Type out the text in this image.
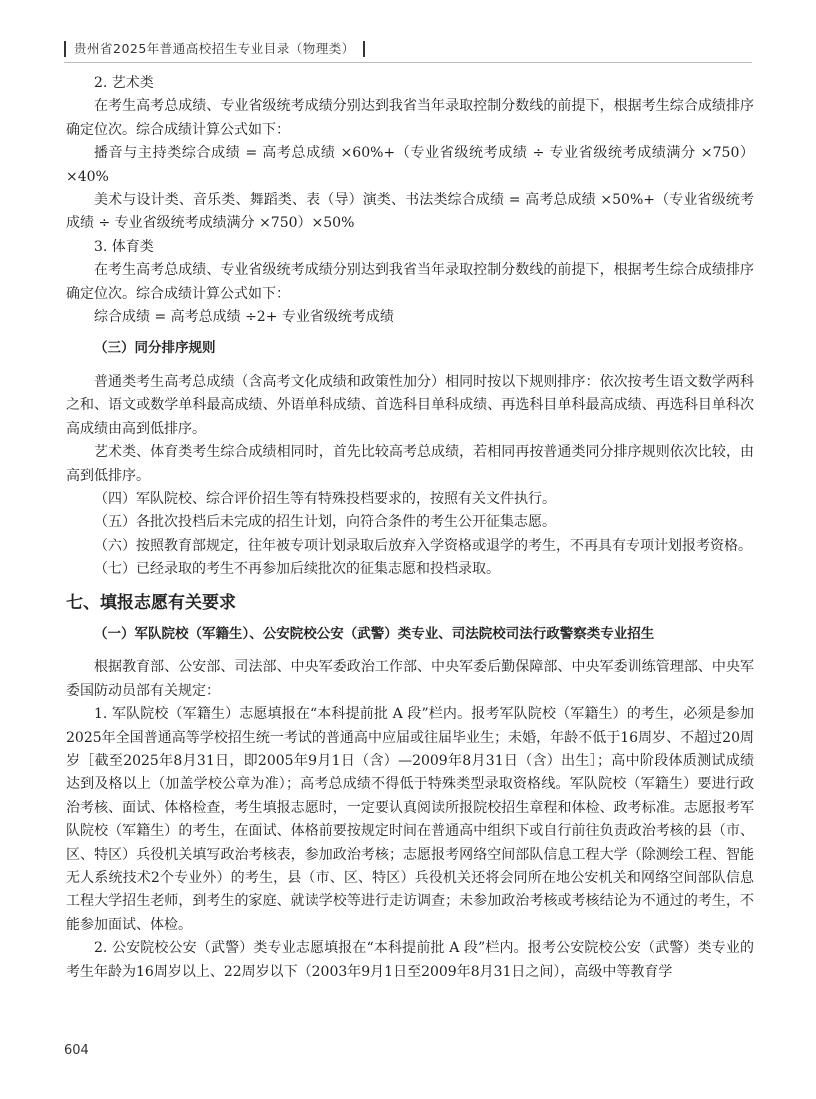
贵州省2025年普通高校招生专业目录（物理类）

2. 艺术类

在考生高考总成绩、专业省级统考成绩分别达到我省当年录取控制分数线的前提下，根据考生综合成绩排序确定位次。综合成绩计算公式如下：

播音与主持类综合成绩 = 高考总成绩 ×60%+（专业省级统考成绩 ÷ 专业省级统考成绩满分 ×750）×40%

美术与设计类、音乐类、舞蹈类、表（导）演类、书法类综合成绩 = 高考总成绩 ×50%+（专业省级统考成绩 ÷ 专业省级统考成绩满分 ×750）×50%

3. 体育类

在考生高考总成绩、专业省级统考成绩分别达到我省当年录取控制分数线的前提下，根据考生综合成绩排序确定位次。综合成绩计算公式如下：

综合成绩 = 高考总成绩 ÷2+ 专业省级统考成绩

（三）同分排序规则

普通类考生高考总成绩（含高考文化成绩和政策性加分）相同时按以下规则排序：依次按考生语文数学两科之和、语文或数学单科最高成绩、外语单科成绩、首选科目单科成绩、再选科目单科最高成绩、再选科目单科次高成绩由高到低排序。

艺术类、体育类考生综合成绩相同时，首先比较高考总成绩，若相同再按普通类同分排序规则依次比较，由高到低排序。

（四）军队院校、综合评价招生等有特殊投档要求的，按照有关文件执行。

（五）各批次投档后未完成的招生计划，向符合条件的考生公开征集志愿。

（六）按照教育部规定，往年被专项计划录取后放弃入学资格或退学的考生，不再具有专项计划报考资格。

（七）已经录取的考生不再参加后续批次的征集志愿和投档录取。

七、填报志愿有关要求

（一）军队院校（军籍生）、公安院校公安（武警）类专业、司法院校司法行政警察类专业招生

根据教育部、公安部、司法部、中央军委政治工作部、中央军委后勤保障部、中央军委训练管理部、中央军委国防动员部有关规定：

1. 军队院校（军籍生）志愿填报在“本科提前批 A 段”栏内。报考军队院校（军籍生）的考生，必须是参加2025年全国普通高等学校招生统一考试的普通高中应届或往届毕业生；未婚，年龄不低于16周岁、不超过20周岁［截至2025年8月31日，即2005年9月1日（含）—2009年8月31日（含）出生］；高中阶段体质测试成绩达到及格以上（加盖学校公章为准）；高考总成绩不得低于特殊类型录取资格线。军队院校（军籍生）要进行政治考核、面试、体格检查，考生填报志愿时，一定要认真阅读所报院校招生章程和体检、政考标准。志愿报考军队院校（军籍生）的考生，在面试、体格前要按规定时间在普通高中组织下或自行前往负责政治考核的县（市、区、特区）兵役机关填写政治考核表，参加政治考核；志愿报考网络空间部队信息工程大学（除测绘工程、智能无人系统技术2个专业外）的考生，县（市、区、特区）兵役机关还将会同所在地公安机关和网络空间部队信息工程大学招生老师，到考生的家庭、就读学校等进行走访调查；未参加政治考核或考核结论为不通过的考生，不能参加面试、体检。

2. 公安院校公安（武警）类专业志愿填报在“本科提前批 A 段”栏内。报考公安院校公安（武警）类专业的考生年龄为16周岁以上、22周岁以下（2003年9月1日至2009年8月31日之间），高级中等教育学

604
